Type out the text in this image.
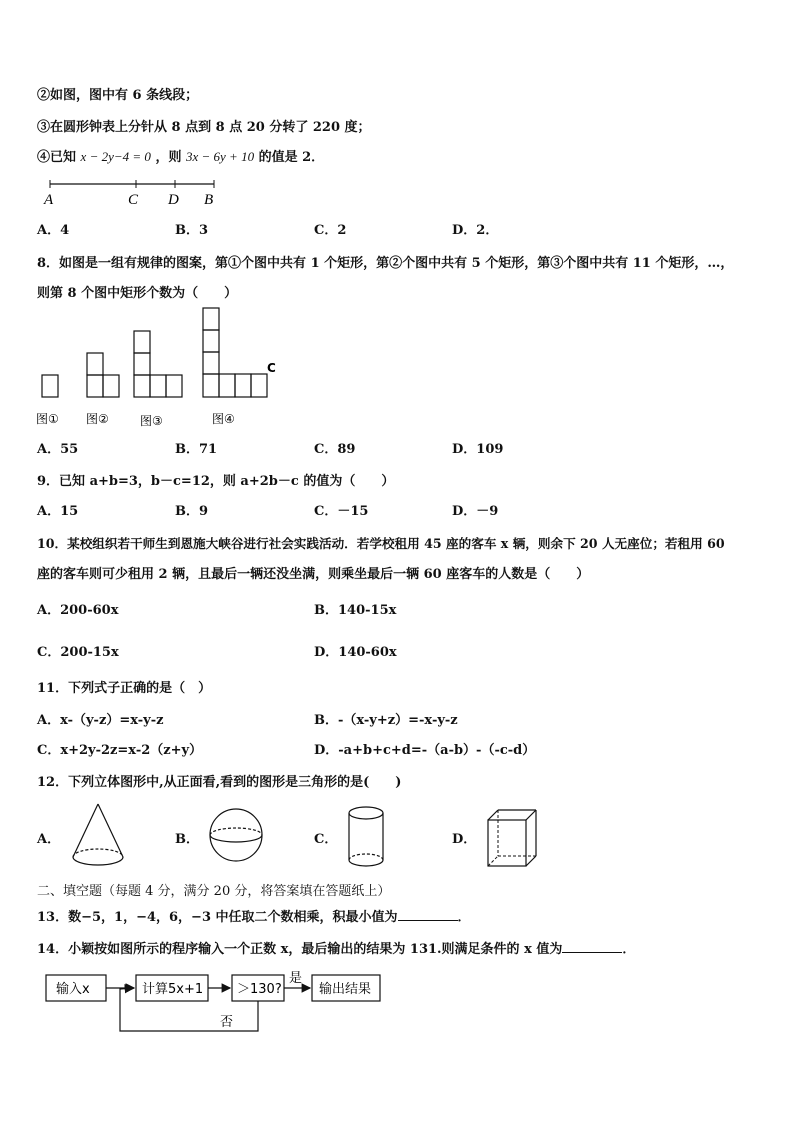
②如图，图中有 6 条线段；
③在圆形钟表上分针从 8 点到 8 点 20 分转了 220 度；
④已知 x − 2y−4 = 0 ，则 3x − 6y + 10 的值是 2．
A	C D B
A．4	B．3	C．2	D．2．
8．如图是一组有规律的图案，第①个图中共有 1 个矩形，第②个图中共有 5 个矩形，第③个图中共有 11 个矩形，…，
则第 8 个图中矩形个数为（　　）
C
图① 图②	图③	图④
A．55	B．71	C．89	D．109
9．已知 a+b=3，b－c=12，则 a+2b－c 的值为（　　）
A．15	B．9	C．－15	D．－9
10．某校组织若干师生到恩施大峡谷进行社会实践活动．若学校租用 45 座的客车 x 辆，则余下 20 人无座位；若租用 60
座的客车则可少租用 2 辆，且最后一辆还没坐满，则乘坐最后一辆 60 座客车的人数是（　　）
A．200-60x	B．140-15x
C．200-15x	D．140-60x
11．下列式子正确的是（　）
A．x-（y-z）=x-y-z	B．-（x-y+z）=-x-y-z
C．x+2y-2z=x-2（z+y）	D．-a+b+c+d=-（a-b）-（-c-d）
12．下列立体图形中,从正面看,看到的图形是三角形的是(　　)
A．	B．	C．	D．
二、填空题（每题 4 分，满分 20 分，将答案填在答题纸上）
13．数−5，1，−4，6，−3 中任取二个数相乘，积最小值为	．
14．小颖按如图所示的程序输入一个正数 x，最后输出的结果为 131.则满足条件的 x 值为	．
输入x	计算5x+1	＞130?	输出结果
是
否
